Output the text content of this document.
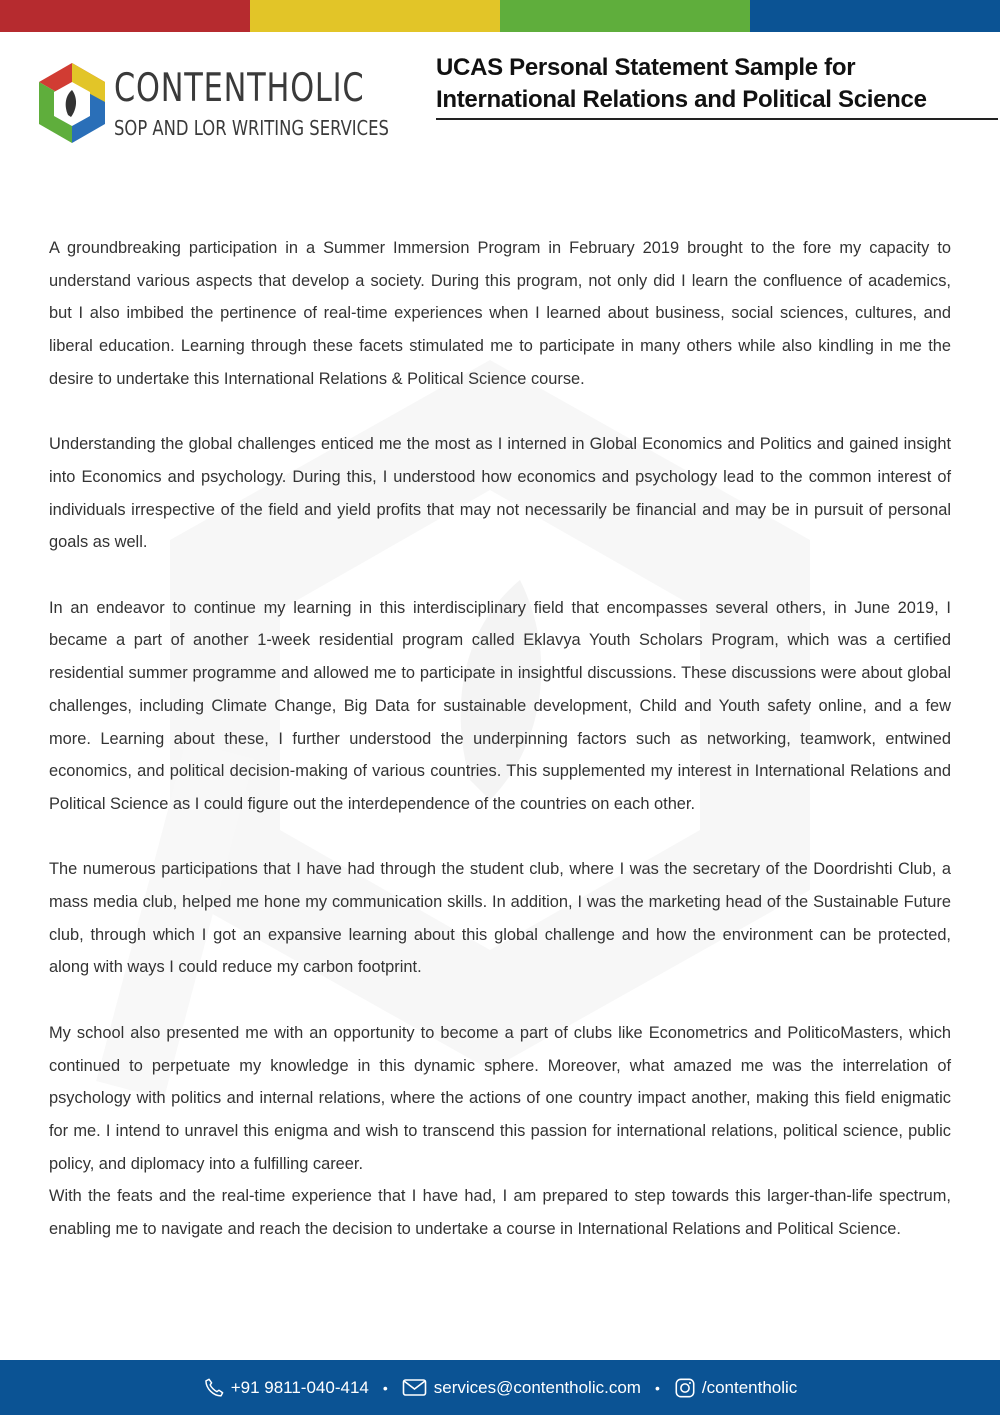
CONTENTHOLIC
SOP AND LOR WRITING SERVICES
UCAS Personal Statement Sample for International Relations and Political Science

A groundbreaking participation in a Summer Immersion Program in February 2019 brought to the fore my capacity to understand various aspects that develop a society. During this program, not only did I learn the confluence of academics, but I also imbibed the pertinence of real-time experiences when I learned about business, social sciences, cultures, and liberal education. Learning through these facets stimulated me to participate in many others while also kindling in me the desire to undertake this International Relations & Political Science course.

Understanding the global challenges enticed me the most as I interned in Global Economics and Politics and gained insight into Economics and psychology. During this, I understood how economics and psychology lead to the common interest of individuals irrespective of the field and yield profits that may not necessarily be financial and may be in pursuit of personal goals as well.

In an endeavor to continue my learning in this interdisciplinary field that encompasses several others, in June 2019, I became a part of another 1-week residential program called Eklavya Youth Scholars Program, which was a certified residential summer programme and allowed me to participate in insightful discussions. These discussions were about global challenges, including Climate Change, Big Data for sustainable development, Child and Youth safety online, and a few more. Learning about these, I further understood the underpinning factors such as networking, teamwork, entwined economics, and political decision-making of various countries. This supplemented my interest in International Relations and Political Science as I could figure out the interdependence of the countries on each other.

The numerous participations that I have had through the student club, where I was the secretary of the Doordrishti Club, a mass media club, helped me hone my communication skills. In addition, I was the marketing head of the Sustainable Future club, through which I got an expansive learning about this global challenge and how the environment can be protected, along with ways I could reduce my carbon footprint.

My school also presented me with an opportunity to become a part of clubs like Econometrics and PoliticoMasters, which continued to perpetuate my knowledge in this dynamic sphere. Moreover, what amazed me was the interrelation of psychology with politics and internal relations, where the actions of one country impact another, making this field enigmatic for me. I intend to unravel this enigma and wish to transcend this passion for international relations, political science, public policy, and diplomacy into a fulfilling career.

With the feats and the real-time experience that I have had, I am prepared to step towards this larger-than-life spectrum, enabling me to navigate and reach the decision to undertake a course in International Relations and Political Science.

+91 9811-040-414 •	services@contentholic.com • /contentholic
